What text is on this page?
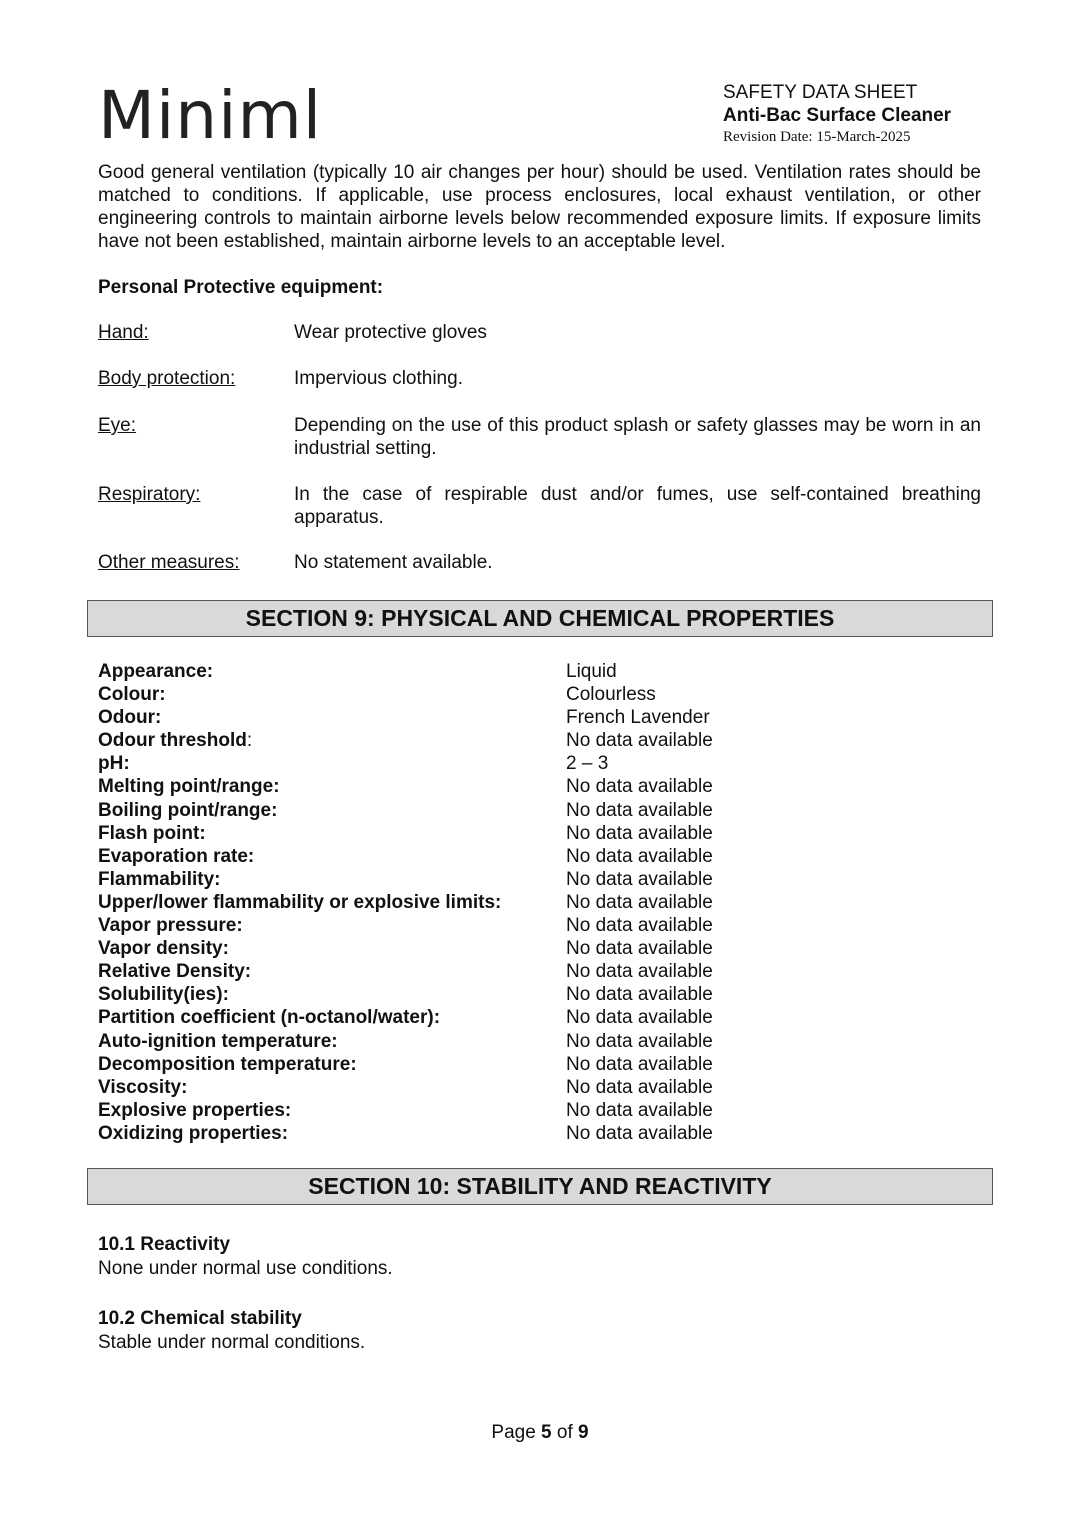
Miniml	SAFETY DATA SHEET
Anti-Bac Surface Cleaner
Revision Date: 15-March-2025
Good general ventilation (typically 10 air changes per hour) should be used. Ventilation rates should be matched to conditions. If applicable, use process enclosures, local exhaust ventilation, or other engineering controls to maintain airborne levels below recommended exposure limits. If exposure limits have not been established, maintain airborne levels to an acceptable level.
Personal Protective equipment:
Hand:	Wear protective gloves
Body protection:	Impervious clothing.
Eye:	Depending on the use of this product splash or safety glasses may be worn in an industrial setting.
Respiratory:	In the case of respirable dust and/or fumes, use self-contained breathing apparatus.
Other measures:	No statement available.
SECTION 9: PHYSICAL AND CHEMICAL PROPERTIES
Appearance:	Liquid
Colour:	Colourless
Odour:	French Lavender
Odour threshold:	No data available
pH:	2 – 3
Melting point/range:	No data available
Boiling point/range:	No data available
Flash point:	No data available
Evaporation rate:	No data available
Flammability:	No data available
Upper/lower flammability or explosive limits:	No data available
Vapor pressure:	No data available
Vapor density:	No data available
Relative Density:	No data available
Solubility(ies):	No data available
Partition coefficient (n-octanol/water):	No data available
Auto-ignition temperature:	No data available
Decomposition temperature:	No data available
Viscosity:	No data available
Explosive properties:	No data available
Oxidizing properties:	No data available
SECTION 10: STABILITY AND REACTIVITY
10.1 Reactivity
None under normal use conditions.
10.2 Chemical stability
Stable under normal conditions.
Page 5 of 9
